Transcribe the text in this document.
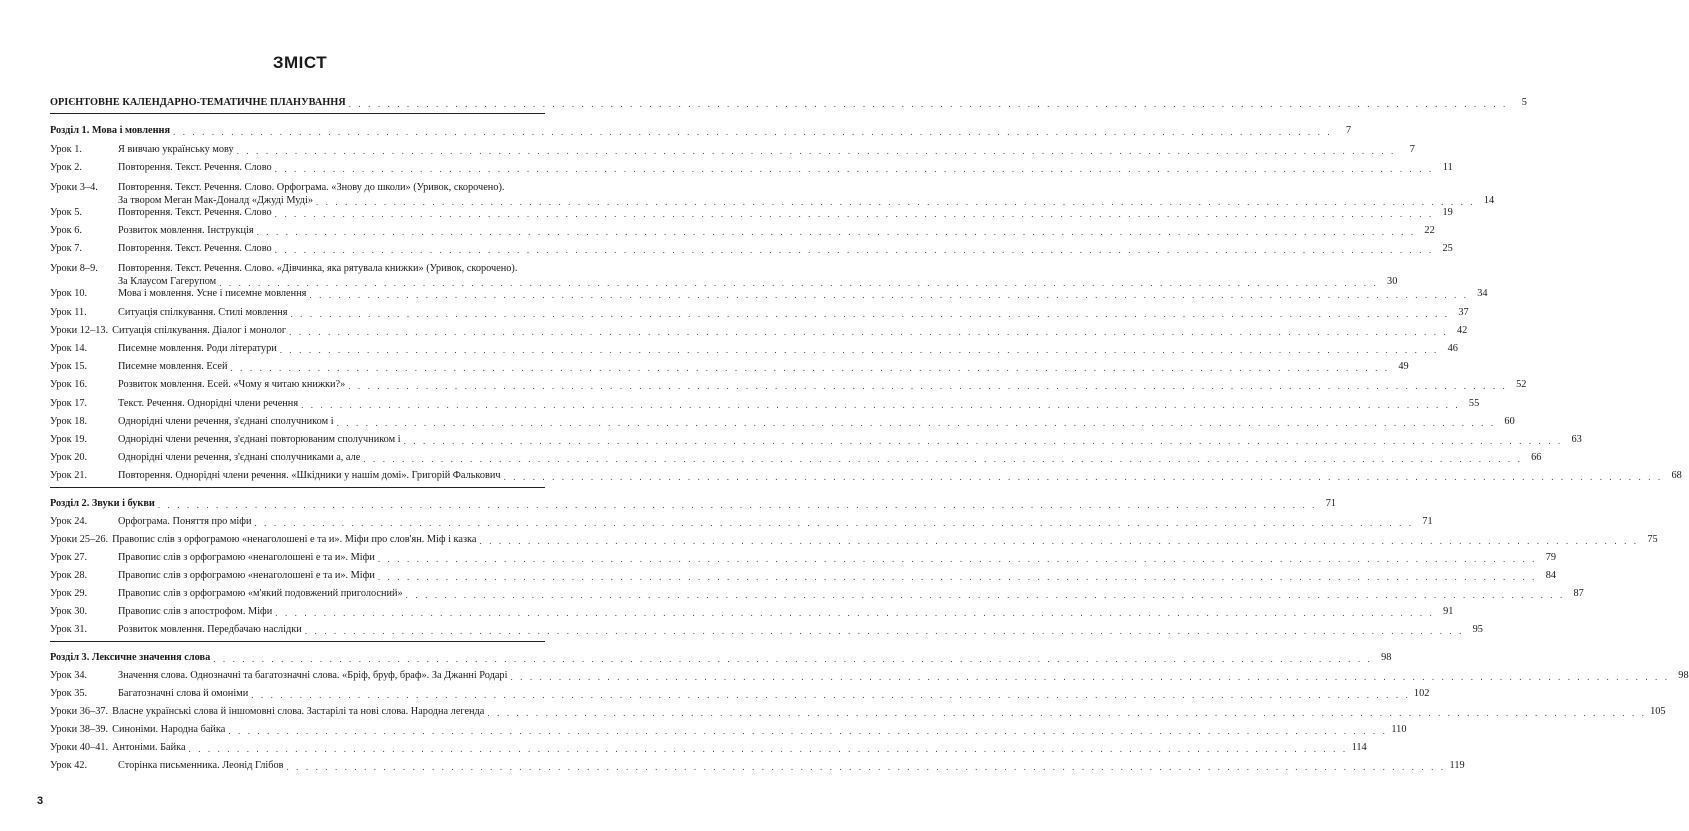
ЗМІСТ
ОРІЄНТОВНЕ КАЛЕНДАРНО-ТЕМАТИЧНЕ ПЛАНУВАННЯ . . . . . . . . . . . . . . . . . . . . . . . . . . . . . . . . . . . . . . . . . . . . . . . . . . . . . . . . . . . . . . . . . . . . . . . . . . . . . . . . . . . . . . . . . . . . . . . . . . . . . . . . . . . . . . . . . . . . . . . .	5
Розділ 1. Мова і мовлення . . . . . . . . . . . . . . . . . . . . . . . . . . . . . . . . . . . . . . . . . . . . . . . . . . . . . . . . . . . . . . . . . . . . . . . . . . . . . . . . . . . . . . . . . . . . . . . . . . . . . . . . . . . . . . . . . . . . . . . .	7
Урок 1.	Я вивчаю українську мову . . . . . . . . . . . . . . . . . . . . . . . . . . . . . . . . . . . . . . . . . . . . . . . . . . . . . . . . . . . . . . . . . . . . . . . . . . . . . . . . . . . . . . . . . . . . . . . . . . . . . . . . . . . . . . . . . . . . . . . .	7
Урок 2.	Повторення. Текст. Речення. Слово . . . . . . . . . . . . . . . . . . . . . . . . . . . . . . . . . . . . . . . . . . . . . . . . . . . . . . . . . . . . . . . . . . . . . . . . . . . . . . . . . . . . . . . . . . . . . . . . . . . . . . . . . . . . . . . . . . . . . . . . 11
Уроки 3–4. Повторення. Текст. Речення. Слово. Орфограма. «Знову до школи» (Уривок, скорочено).
За твором Меган Мак-Доналд «Джуді Муді» . . . . . . . . . . . . . . . . . . . . . . . . . . . . . . . . . . . . . . . . . . . . . . . . . . . . . . . . . . . . . . . . . . . . . . . . . . . . . . . . . . . . . . . . . . . . . . . . . . . . . . . . . . . . . . . . . . . . . . . . 14
Урок 5.	Повторення. Текст. Речення. Слово . . . . . . . . . . . . . . . . . . . . . . . . . . . . . . . . . . . . . . . . . . . . . . . . . . . . . . . . . . . . . . . . . . . . . . . . . . . . . . . . . . . . . . . . . . . . . . . . . . . . . . . . . . . . . . . . . . . . . . . . 19
Урок 6.	Розвиток мовлення. Інструкція . . . . . . . . . . . . . . . . . . . . . . . . . . . . . . . . . . . . . . . . . . . . . . . . . . . . . . . . . . . . . . . . . . . . . . . . . . . . . . . . . . . . . . . . . . . . . . . . . . . . . . . . . . . . . . . . . . . . . . . . 22
Урок 7.	Повторення. Текст. Речення. Слово . . . . . . . . . . . . . . . . . . . . . . . . . . . . . . . . . . . . . . . . . . . . . . . . . . . . . . . . . . . . . . . . . . . . . . . . . . . . . . . . . . . . . . . . . . . . . . . . . . . . . . . . . . . . . . . . . . . . . . . . 25
Уроки 8–9. Повторення. Текст. Речення. Слово. «Дівчинка, яка рятувала книжки» (Уривок, скорочено).
За Клаусом Гагерупом . . . . . . . . . . . . . . . . . . . . . . . . . . . . . . . . . . . . . . . . . . . . . . . . . . . . . . . . . . . . . . . . . . . . . . . . . . . . . . . . . . . . . . . . . . . . . . . . . . . . . . . . . . . . . . . . . . . . . . . . 30
Урок 10.	Мова і мовлення. Усне і писемне мовлення . . . . . . . . . . . . . . . . . . . . . . . . . . . . . . . . . . . . . . . . . . . . . . . . . . . . . . . . . . . . . . . . . . . . . . . . . . . . . . . . . . . . . . . . . . . . . . . . . . . . . . . . . . . . . . . . . . . . . . . . 34
Урок 11.	Ситуація спілкування. Стилі мовлення . . . . . . . . . . . . . . . . . . . . . . . . . . . . . . . . . . . . . . . . . . . . . . . . . . . . . . . . . . . . . . . . . . . . . . . . . . . . . . . . . . . . . . . . . . . . . . . . . . . . . . . . . . . . . . . . . . . . . . . . 37
Уроки 12–13. Ситуація спілкування. Діалог і монолог . . . . . . . . . . . . . . . . . . . . . . . . . . . . . . . . . . . . . . . . . . . . . . . . . . . . . . . . . . . . . . . . . . . . . . . . . . . . . . . . . . . . . . . . . . . . . . . . . . . . . . . . . . . . . . . . . . . . . . . . 42
Урок 14.	Писемне мовлення. Роди літератури . . . . . . . . . . . . . . . . . . . . . . . . . . . . . . . . . . . . . . . . . . . . . . . . . . . . . . . . . . . . . . . . . . . . . . . . . . . . . . . . . . . . . . . . . . . . . . . . . . . . . . . . . . . . . . . . . . . . . . . . 46
Урок 15.	Писемне мовлення. Есей . . . . . . . . . . . . . . . . . . . . . . . . . . . . . . . . . . . . . . . . . . . . . . . . . . . . . . . . . . . . . . . . . . . . . . . . . . . . . . . . . . . . . . . . . . . . . . . . . . . . . . . . . . . . . . . . . . . . . . . . 49
Урок 16.	Розвиток мовлення. Есей. «Чому я читаю книжки?» . . . . . . . . . . . . . . . . . . . . . . . . . . . . . . . . . . . . . . . . . . . . . . . . . . . . . . . . . . . . . . . . . . . . . . . . . . . . . . . . . . . . . . . . . . . . . . . . . . . . . . . . . . . . . . . . . . . . . . . . 52
Урок 17.	Текст. Речення. Однорідні члени речення . . . . . . . . . . . . . . . . . . . . . . . . . . . . . . . . . . . . . . . . . . . . . . . . . . . . . . . . . . . . . . . . . . . . . . . . . . . . . . . . . . . . . . . . . . . . . . . . . . . . . . . . . . . . . . . . . . . . . . . . 55
Урок 18.	Однорідні члени речення, з'єднані сполучником і . . . . . . . . . . . . . . . . . . . . . . . . . . . . . . . . . . . . . . . . . . . . . . . . . . . . . . . . . . . . . . . . . . . . . . . . . . . . . . . . . . . . . . . . . . . . . . . . . . . . . . . . . . . . . . . . . . . . . . . . 60
Урок 19.	Однорідні члени речення, з'єднані повторюваним сполучником і . . . . . . . . . . . . . . . . . . . . . . . . . . . . . . . . . . . . . . . . . . . . . . . . . . . . . . . . . . . . . . . . . . . . . . . . . . . . . . . . . . . . . . . . . . . . . . . . . . . . . . . . . . . . . . . . . . . . . . . . 63
Урок 20.	Однорідні члени речення, з'єднані сполучниками а, але . . . . . . . . . . . . . . . . . . . . . . . . . . . . . . . . . . . . . . . . . . . . . . . . . . . . . . . . . . . . . . . . . . . . . . . . . . . . . . . . . . . . . . . . . . . . . . . . . . . . . . . . . . . . . . . . . . . . . . . . 66
Урок 21.	Повторення. Однорідні члени речення. «Шкідники у нашім домі». Григорій Фалькович . . . . . . . . . . . . . . . . . . . . . . . . . . . . . . . . . . . . . . . . . . . . . . . . . . . . . . . . . . . . . . . . . . . . . . . . . . . . . . . . . . . . . . . . . . . . . . . . . . . . . . . . . . . . . . . . . . . . . . . . 68
Розділ 2. Звуки і букви . . . . . . . . . . . . . . . . . . . . . . . . . . . . . . . . . . . . . . . . . . . . . . . . . . . . . . . . . . . . . . . . . . . . . . . . . . . . . . . . . . . . . . . . . . . . . . . . . . . . . . . . . . . . . . . . . . . . . . . . 71
Урок 24.	Орфограма. Поняття про міфи . . . . . . . . . . . . . . . . . . . . . . . . . . . . . . . . . . . . . . . . . . . . . . . . . . . . . . . . . . . . . . . . . . . . . . . . . . . . . . . . . . . . . . . . . . . . . . . . . . . . . . . . . . . . . . . . . . . . . . . . 71
Уроки 25–26. Правопис слів з орфограмою «ненаголошені е та и». Міфи про слов'ян. Міф і казка . . . . . . . . . . . . . . . . . . . . . . . . . . . . . . . . . . . . . . . . . . . . . . . . . . . . . . . . . . . . . . . . . . . . . . . . . . . . . . . . . . . . . . . . . . . . . . . . . . . . . . . . . . . . . . . . . . . . . . . . 75
Урок 27.	Правопис слів з орфограмою «ненаголошені е та и». Міфи . . . . . . . . . . . . . . . . . . . . . . . . . . . . . . . . . . . . . . . . . . . . . . . . . . . . . . . . . . . . . . . . . . . . . . . . . . . . . . . . . . . . . . . . . . . . . . . . . . . . . . . . . . . . . . . . . . . . . . . . 79
Урок 28.	Правопис слів з орфограмою «ненаголошені е та и». Міфи . . . . . . . . . . . . . . . . . . . . . . . . . . . . . . . . . . . . . . . . . . . . . . . . . . . . . . . . . . . . . . . . . . . . . . . . . . . . . . . . . . . . . . . . . . . . . . . . . . . . . . . . . . . . . . . . . . . . . . . . 84
Урок 29.	Правопис слів з орфограмою «м'який подовжений приголосний» . . . . . . . . . . . . . . . . . . . . . . . . . . . . . . . . . . . . . . . . . . . . . . . . . . . . . . . . . . . . . . . . . . . . . . . . . . . . . . . . . . . . . . . . . . . . . . . . . . . . . . . . . . . . . . . . . . . . . . . . 87
Урок 30.	Правопис слів з апострофом. Міфи . . . . . . . . . . . . . . . . . . . . . . . . . . . . . . . . . . . . . . . . . . . . . . . . . . . . . . . . . . . . . . . . . . . . . . . . . . . . . . . . . . . . . . . . . . . . . . . . . . . . . . . . . . . . . . . . . . . . . . . . 91
Урок 31.	Розвиток мовлення. Передбачаю наслідки . . . . . . . . . . . . . . . . . . . . . . . . . . . . . . . . . . . . . . . . . . . . . . . . . . . . . . . . . . . . . . . . . . . . . . . . . . . . . . . . . . . . . . . . . . . . . . . . . . . . . . . . . . . . . . . . . . . . . . . . 95
Розділ 3. Лексичне значення слова . . . . . . . . . . . . . . . . . . . . . . . . . . . . . . . . . . . . . . . . . . . . . . . . . . . . . . . . . . . . . . . . . . . . . . . . . . . . . . . . . . . . . . . . . . . . . . . . . . . . . . . . . . . . . . . . . . . . . . . . 98
Урок 34.	Значення слова. Однозначні та багатозначні слова. «Бріф, бруф, браф». За Джанні Родарі . . . . . . . . . . . . . . . . . . . . . . . . . . . . . . . . . . . . . . . . . . . . . . . . . . . . . . . . . . . . . . . . . . . . . . . . . . . . . . . . . . . . . . . . . . . . . . . . . . . . . . . . . . . . . . . . . . . . . . . . 98
Урок 35.	Багатозначні слова й омоніми . . . . . . . . . . . . . . . . . . . . . . . . . . . . . . . . . . . . . . . . . . . . . . . . . . . . . . . . . . . . . . . . . . . . . . . . . . . . . . . . . . . . . . . . . . . . . . . . . . . . . . . . . . . . . . . . . . . . . . . . 102
Уроки 36–37. Власне українські слова й іншомовні слова. Застарілі та нові слова. Народна легенда . . . . . . . . . . . . . . . . . . . . . . . . . . . . . . . . . . . . . . . . . . . . . . . . . . . . . . . . . . . . . . . . . . . . . . . . . . . . . . . . . . . . . . . . . . . . . . . . . . . . . . . . . . . . . . . . . . . . . . . . 105
Уроки 38–39. Синоніми. Народна байка . . . . . . . . . . . . . . . . . . . . . . . . . . . . . . . . . . . . . . . . . . . . . . . . . . . . . . . . . . . . . . . . . . . . . . . . . . . . . . . . . . . . . . . . . . . . . . . . . . . . . . . . . . . . . . . . . . . . . . . . 110
Уроки 40–41. Антоніми. Байка . . . . . . . . . . . . . . . . . . . . . . . . . . . . . . . . . . . . . . . . . . . . . . . . . . . . . . . . . . . . . . . . . . . . . . . . . . . . . . . . . . . . . . . . . . . . . . . . . . . . . . . . . . . . . . . . . . . . . . . . 114
Урок 42.	Сторінка письменника. Леонід Глібов . . . . . . . . . . . . . . . . . . . . . . . . . . . . . . . . . . . . . . . . . . . . . . . . . . . . . . . . . . . . . . . . . . . . . . . . . . . . . . . . . . . . . . . . . . . . . . . . . . . . . . . . . . . . . . . . . . . . . . . . 119
3
